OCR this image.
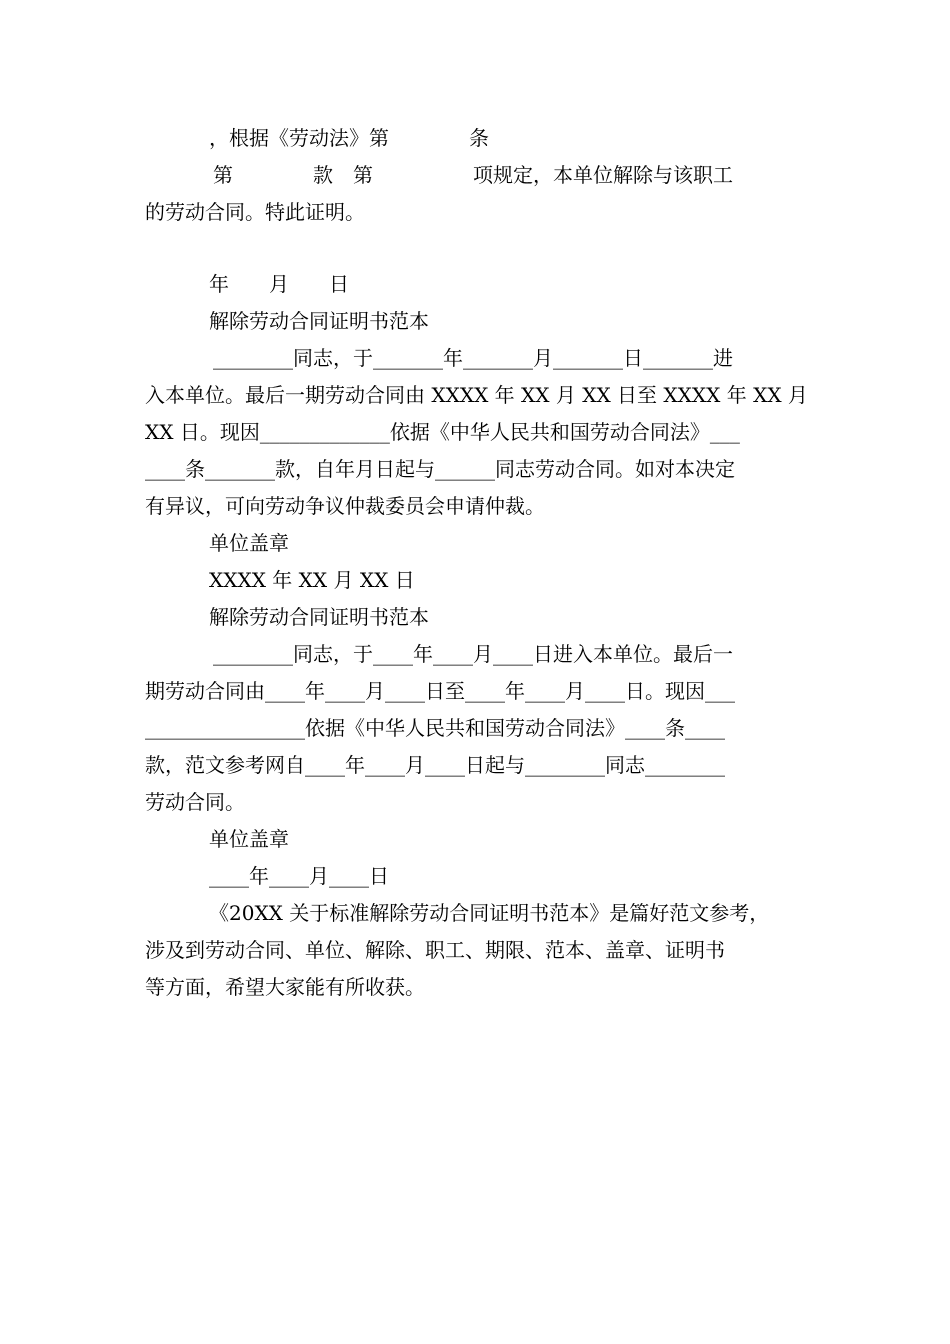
，根据《劳动法》第　　　　条
第　　　　款　第　　　　　项规定，本单位解除与该职工
的劳动合同。特此证明。
年　　月　　日
解除劳动合同证明书范本
________同志，于_______年_______月_______日_______进
入本单位。最后一期劳动合同由 XXXX 年 XX 月 XX 日至 XXXX 年 XX 月
XX 日。现因_____________依据《中华人民共和国劳动合同法》___
____条_______款，自年月日起与______同志劳动合同。如对本决定
有异议，可向劳动争议仲裁委员会申请仲裁。
单位盖章
XXXX 年 XX 月 XX 日
解除劳动合同证明书范本
________同志，于____年____月____日进入本单位。最后一
期劳动合同由____年____月____日至____年____月____日。现因___
________________依据《中华人民共和国劳动合同法》____条____
款，范文参考网自____年____月____日起与________同志________
劳动合同。
单位盖章
____年____月____日
《20XX 关于标准解除劳动合同证明书范本》是篇好范文参考，
涉及到劳动合同、单位、解除、职工、期限、范本、盖章、证明书
等方面，希望大家能有所收获。
